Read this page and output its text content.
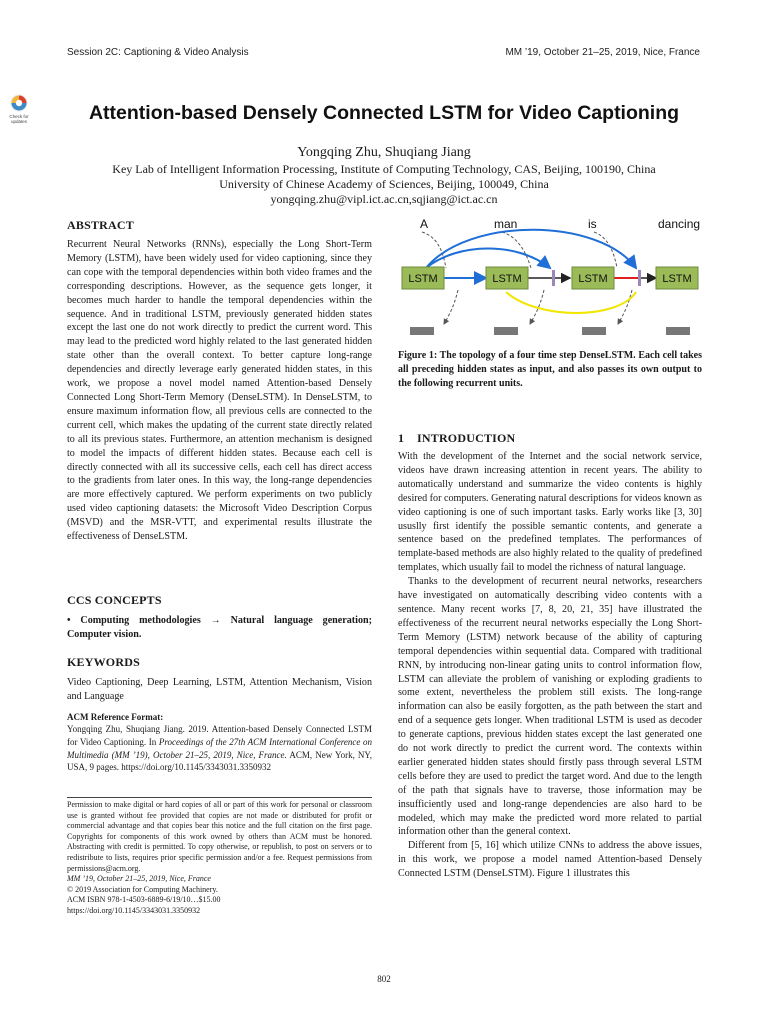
Session 2C: Captioning & Video Analysis	MM ’19, October 21–25, 2019, Nice, France
Check for updates	Attention-based Densely Connected LSTM for Video Captioning
Yongqing Zhu, Shuqiang Jiang
Key Lab of Intelligent Information Processing, Institute of Computing Technology, CAS, Beijing, 100190, China
University of Chinese Academy of Sciences, Beijing, 100049, China
yongqing.zhu@vipl.ict.ac.cn,sqjiang@ict.ac.cn
ABSTRACT
Recurrent Neural Networks (RNNs), especially the Long Short-Term Memory (LSTM), have been widely used for video captioning, since they can cope with the temporal dependencies within both video frames and the corresponding descriptions. However, as the sequence gets longer, it becomes much harder to handle the temporal dependencies within the sequence. And in traditional LSTM, previously generated hidden states except the last one do not work directly to predict the current word. This may lead to the predicted word highly related to the last generated hidden state other than the overall context. To better capture long-range dependencies and directly leverage early generated hidden states, in this work, we propose a novel model named Attention-based Densely Connected Long Short-Term Memory (DenseLSTM). In DenseLSTM, to ensure maximum information flow, all previous cells are connected to the current cell, which makes the updating of the current state directly related to all its previous states. Furthermore, an attention mechanism is designed to model the impacts of different hidden states. Because each cell is directly connected with all its successive cells, each cell has direct access to the gradients from later ones. In this way, the long-range dependencies are more effectively captured. We perform experiments on two publicly used video captioning datasets: the Microsoft Video Description Corpus (MSVD) and the MSR-VTT, and experimental results illustrate the effectiveness of DenseLSTM.
CCS CONCEPTS
• Computing methodologies → Natural language generation; Computer vision.
KEYWORDS
Video Captioning, Deep Learning, LSTM, Attention Mechanism, Vision and Language
ACM Reference Format:
Yongqing Zhu, Shuqiang Jiang. 2019. Attention-based Densely Connected LSTM for Video Captioning. In Proceedings of the 27th ACM International Conference on Multimedia (MM ’19), October 21–25, 2019, Nice, France. ACM, New York, NY, USA, 9 pages. https://doi.org/10.1145/3343031.3350932
Permission to make digital or hard copies of all or part of this work for personal or classroom use is granted without fee provided that copies are not made or distributed for profit or commercial advantage and that copies bear this notice and the full citation on the first page. Copyrights for components of this work owned by others than ACM must be honored. Abstracting with credit is permitted. To copy otherwise, or republish, to post on servers or to redistribute to lists, requires prior specific permission and/or a fee. Request permissions from permissions@acm.org.
MM ’19, October 21–25, 2019, Nice, France
© 2019 Association for Computing Machinery.
ACM ISBN 978-1-4503-6889-6/19/10…$15.00
https://doi.org/10.1145/3343031.3350932
A	man	is	dancing
LSTM	LSTM	LSTM	LSTM
Figure 1: The topology of a four time step DenseLSTM. Each cell takes all preceding hidden states as input, and also passes its own output to the following recurrent units.
1    INTRODUCTION

With the development of the Internet and the social network service, videos have drawn increasing attention in recent years. The ability to automatically understand and summarize the video contents is highly desired for computers. Generating natural descriptions for videos known as video captioning is one of such important tasks. Early works like [3, 30] ususlly first identify the possible semantic contents, and generate a sentence based on the predefined templates. The performances of template-based methods are also highly related to the quality of predefined templates, which usually fail to model the richness of natural language.

Thanks to the development of recurrent neural networks, researchers have investigated on automatically describing video contents with a sentence. Many recent works [7, 8, 20, 21, 35] have illustrated the effectiveness of the recurrent neural networks especially the Long Short-Term Memory (LSTM) network because of the ability of capturing temporal dependencies within sequential data. Compared with traditional RNN, by introducing non-linear gating units to control information flow, LSTM can alleviate the problem of vanishing or exploding gradients to some extent, nevertheless the problem still exists. The long-range information can also be easily forgotten, as the path between the start and end of a sequence gets longer. When traditional LSTM is used as decoder to generate captions, previous hidden states except the last generated one do not work directly to predict the current word. The contexts within earlier generated hidden states should firstly pass through several LSTM cells before they are used to predict the target word. And due to the length of the path that signals have to traverse, those information may be insufficiently used and long-range dependencies are also hard to be modeled, which may make the predicted word more related to partial information other than the general context.

Different from [5, 16] which utilize CNNs to address the above issues, in this work, we propose a model named Attention-based Densely Connected LSTM (DenseLSTM). Figure 1 illustrates this

802
